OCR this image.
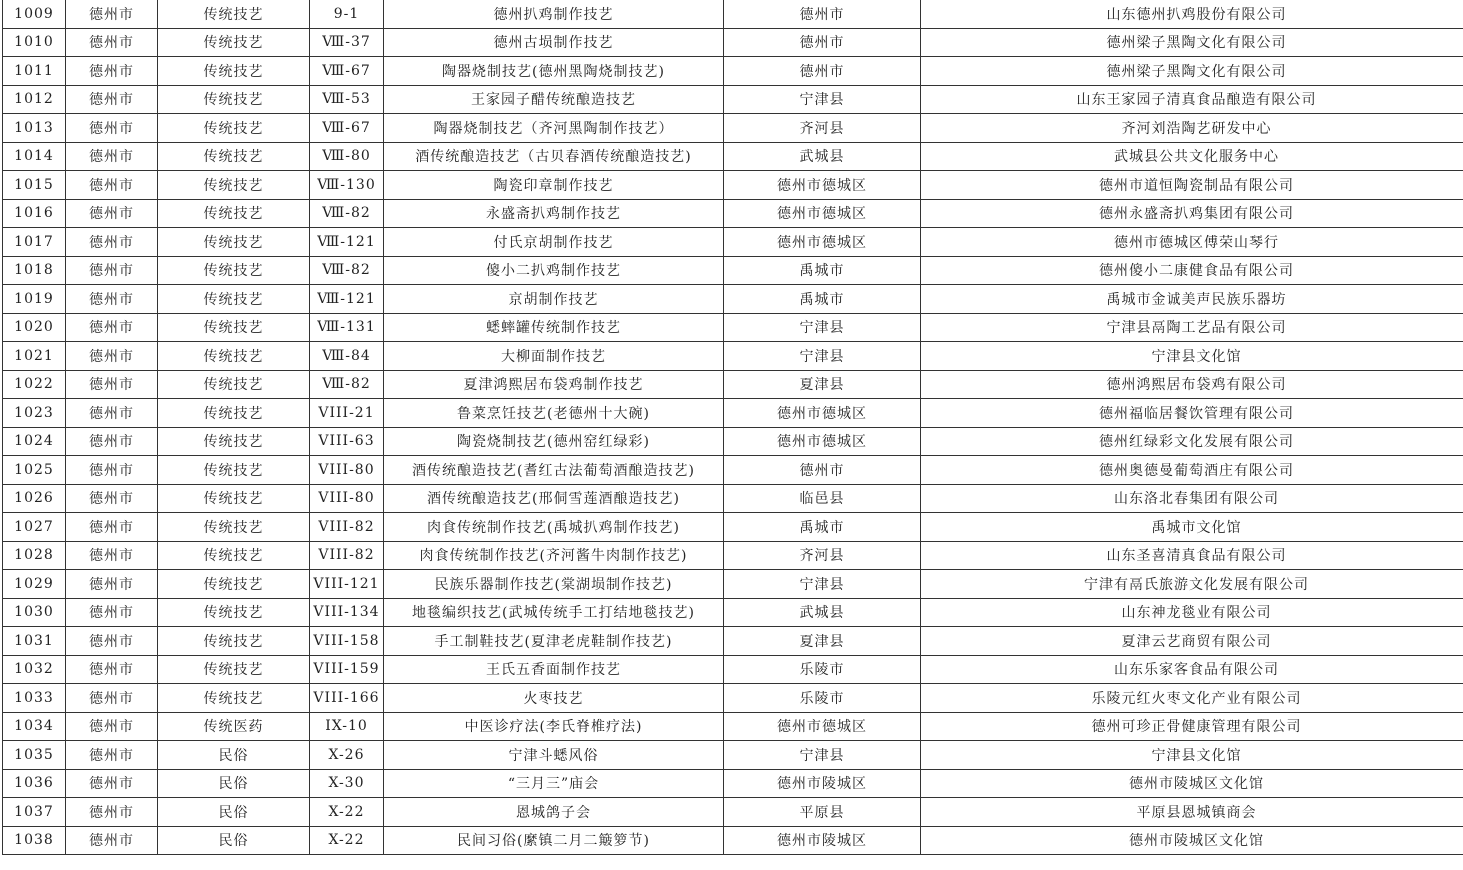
1009	德州市	传统技艺	9-1	德州扒鸡制作技艺	德州市	山东德州扒鸡股份有限公司
1010	德州市	传统技艺	Ⅷ-37	德州古埙制作技艺	德州市	德州梁子黑陶文化有限公司
1011	德州市	传统技艺	Ⅷ-67	陶器烧制技艺(德州黑陶烧制技艺)	德州市	德州梁子黑陶文化有限公司
1012	德州市	传统技艺	Ⅷ-53	王家园子醋传统酿造技艺	宁津县	山东王家园子清真食品酿造有限公司
1013	德州市	传统技艺	Ⅷ-67	陶器烧制技艺（齐河黑陶制作技艺）	齐河县	齐河刘浩陶艺研发中心
1014	德州市	传统技艺	Ⅷ-80	酒传统酿造技艺（古贝春酒传统酿造技艺)	武城县	武城县公共文化服务中心
1015	德州市	传统技艺	Ⅷ-130	陶瓷印章制作技艺	德州市德城区	德州市道恒陶瓷制品有限公司
1016	德州市	传统技艺	Ⅷ-82	永盛斋扒鸡制作技艺	德州市德城区	德州永盛斋扒鸡集团有限公司
1017	德州市	传统技艺	Ⅷ-121	付氏京胡制作技艺	德州市德城区	德州市德城区傅荣山琴行
1018	德州市	传统技艺	Ⅷ-82	傻小二扒鸡制作技艺	禹城市	德州傻小二康健食品有限公司
1019	德州市	传统技艺	Ⅷ-121	京胡制作技艺	禹城市	禹城市金诚美声民族乐器坊
1020	德州市	传统技艺	Ⅷ-131	蟋蟀罐传统制作技艺	宁津县	宁津县鬲陶工艺品有限公司
1021	德州市	传统技艺	Ⅷ-84	大柳面制作技艺	宁津县	宁津县文化馆
1022	德州市	传统技艺	Ⅷ-82	夏津鸿熙居布袋鸡制作技艺	夏津县	德州鸿熙居布袋鸡有限公司
1023	德州市	传统技艺	VIII-21	鲁菜烹饪技艺(老德州十大碗)	德州市德城区	德州福临居餐饮管理有限公司
1024	德州市	传统技艺	VIII-63	陶瓷烧制技艺(德州窑红绿彩)	德州市德城区	德州红绿彩文化发展有限公司
1025	德州市	传统技艺	VIII-80	酒传统酿造技艺(耆红古法葡萄酒酿造技艺)	德州市	德州奥德曼葡萄酒庄有限公司
1026	德州市	传统技艺	VIII-80	酒传统酿造技艺(邢侗雪莲酒酿造技艺)	临邑县	山东洛北春集团有限公司
1027	德州市	传统技艺	VIII-82	肉食传统制作技艺(禹城扒鸡制作技艺)	禹城市	禹城市文化馆
1028	德州市	传统技艺	VIII-82	肉食传统制作技艺(齐河酱牛肉制作技艺)	齐河县	山东圣喜清真食品有限公司
1029	德州市	传统技艺	VIII-121	民族乐器制作技艺(棠湖埙制作技艺)	宁津县	宁津有鬲氏旅游文化发展有限公司
1030	德州市	传统技艺	VIII-134	地毯编织技艺(武城传统手工打结地毯技艺)	武城县	山东神龙毯业有限公司
1031	德州市	传统技艺	VIII-158	手工制鞋技艺(夏津老虎鞋制作技艺)	夏津县	夏津云艺商贸有限公司
1032	德州市	传统技艺	VIII-159	王氏五香面制作技艺	乐陵市	山东乐家客食品有限公司
1033	德州市	传统技艺	VIII-166	火枣技艺	乐陵市	乐陵元红火枣文化产业有限公司
1034	德州市	传统医药	IX-10	中医诊疗法(李氏脊椎疗法)	德州市德城区	德州可珍正骨健康管理有限公司
1035	德州市	民俗	X-26	宁津斗蟋风俗	宁津县	宁津县文化馆
1036	德州市	民俗	X-30	“三月三”庙会	德州市陵城区	德州市陵城区文化馆
1037	德州市	民俗	X-22	恩城鸽子会	平原县	平原县恩城镇商会
1038	德州市	民俗	X-22	民间习俗(縻镇二月二簸箩节)	德州市陵城区	德州市陵城区文化馆
